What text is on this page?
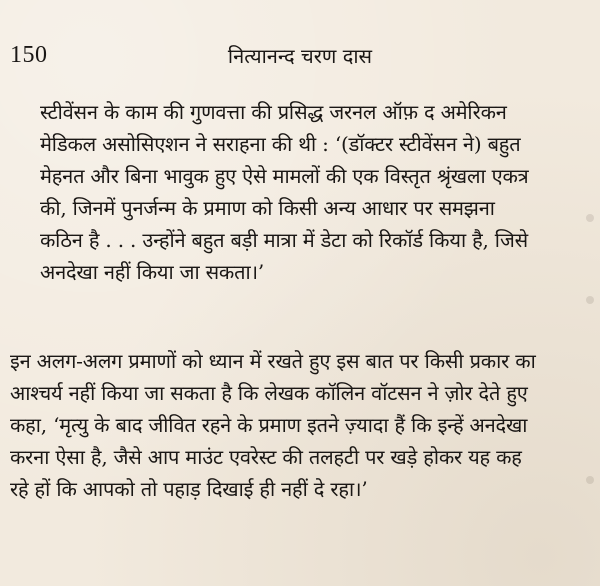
150	नित्यानन्द चरण दास
स्टीवेंसन के काम की गुणवत्ता की प्रसिद्ध जरनल ऑफ़ द अमेरिकन
मेडिकल असोसिएशन ने सराहना की थी : ‘(डॉक्टर स्टीवेंसन ने) बहुत
मेहनत और बिना भावुक हुए ऐसे मामलों की एक विस्तृत श्रृंखला एकत्र
की, जिनमें पुनर्जन्म के प्रमाण को किसी अन्य आधार पर समझना
कठिन है . . . उन्होंने बहुत बड़ी मात्रा में डेटा को रिकॉर्ड किया है, जिसे
अनदेखा नहीं किया जा सकता।’
इन अलग-अलग प्रमाणों को ध्यान में रखते हुए इस बात पर किसी प्रकार का
आश्चर्य नहीं किया जा सकता है कि लेखक कॉलिन वॉटसन ने ज़ोर देते हुए
कहा, ‘मृत्यु के बाद जीवित रहने के प्रमाण इतने ज़्यादा हैं कि इन्हें अनदेखा
करना ऐसा है, जैसे आप माउंट एवरेस्ट की तलहटी पर खड़े होकर यह कह
रहे हों कि आपको तो पहाड़ दिखाई ही नहीं दे रहा।’
